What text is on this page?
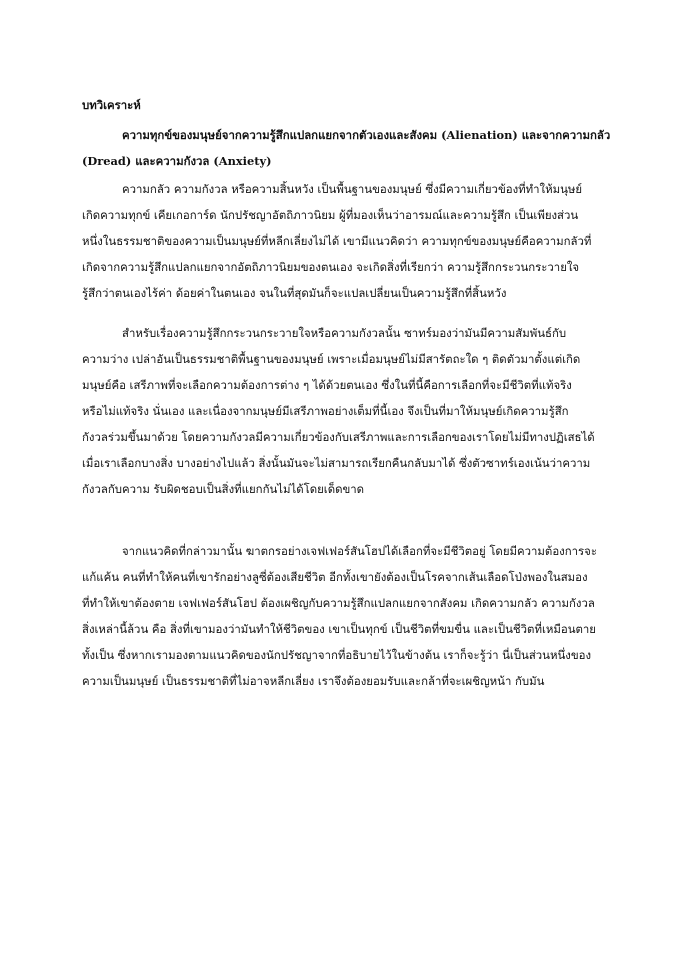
บทวิเคราะห์
ความทุกข์ของมนุษย์จากความรู้สึกแปลกแยกจากตัวเองและสังคม (Alienation) และจากความกลัว
(Dread) และความกังวล (Anxiety)
ความกลัว ความกังวล หรือความสิ้นหวัง เป็นพื้นฐานของมนุษย์ ซึ่งมีความเกี่ยวข้องที่ทำให้มนุษย์
เกิดความทุกข์ เคียเกอการ์ด นักปรัชญาอัตถิภาวนิยม ผู้ที่มองเห็นว่าอารมณ์และความรู้สึก เป็นเพียงส่วน
หนึ่งในธรรมชาติของความเป็นมนุษย์ที่หลีกเลี่ยงไม่ได้ เขามีแนวคิดว่า ความทุกข์ของมนุษย์คือความกลัวที่
เกิดจากความรู้สึกแปลกแยกจากอัตถิภาวนิยมของตนเอง จะเกิดสิ่งที่เรียกว่า ความรู้สึกกระวนกระวายใจ
รู้สึกว่าตนเองไร้ค่า ด้อยค่าในตนเอง จนในที่สุดมันก็จะแปลเปลี่ยนเป็นความรู้สึกที่สิ้นหวัง
สำหรับเรื่องความรู้สึกกระวนกระวายใจหรือความกังวลนั้น ซาทร์มองว่ามันมีความสัมพันธ์กับ
ความว่าง เปล่าอันเป็นธรรมชาติพื้นฐานของมนุษย์ เพราะเมื่อมนุษย์ไม่มีสารัตถะใด ๆ ติดตัวมาตั้งแต่เกิด
มนุษย์คือ เสรีภาพที่จะเลือกความต้องการต่าง ๆ ได้ด้วยตนเอง ซึ่งในที่นี้คือการเลือกที่จะมีชีวิตที่แท้จริง
หรือไม่แท้จริง นั่นเอง และเนื่องจากมนุษย์มีเสรีภาพอย่างเต็มที่นี้เอง จึงเป็นที่มาให้มนุษย์เกิดความรู้สึก
กังวลร่วมขึ้นมาด้วย โดยความกังวลมีความเกี่ยวข้องกับเสรีภาพและการเลือกของเราโดยไม่มีทางปฏิเสธได้
เมื่อเราเลือกบางสิ่ง บางอย่างไปแล้ว สิ่งนั้นมันจะไม่สามารถเรียกคืนกลับมาได้ ซึ่งตัวซาทร์เองเน้นว่าความ
กังวลกับความ รับผิดชอบเป็นสิ่งที่แยกกันไม่ได้โดยเด็ดขาด
จากแนวคิดที่กล่าวมานั้น ฆาตกรอย่างเจฟเฟอร์สันโฮปได้เลือกที่จะมีชีวิตอยู่ โดยมีความต้องการจะ
แก้แค้น คนที่ทำให้คนที่เขารักอย่างลูซี่ต้องเสียชีวิต อีกทั้งเขายังต้องเป็นโรคจากเส้นเลือดโป่งพองในสมอง
ที่ทำให้เขาต้องตาย เจฟเฟอร์สันโฮป ต้องเผชิญกับความรู้สึกแปลกแยกจากสังคม เกิดความกลัว ความกังวล
สิ่งเหล่านี้ล้วน คือ สิ่งที่เขามองว่ามันทำให้ชีวิตของ เขาเป็นทุกข์ เป็นชีวิตที่ขมขื่น และเป็นชีวิตที่เหมือนตาย
ทั้งเป็น ซึ่งหากเรามองตามแนวคิดของนักปรัชญาจากที่อธิบายไว้ในข้างต้น เราก็จะรู้ว่า นี่เป็นส่วนหนึ่งของ
ความเป็นมนุษย์ เป็นธรรมชาติที่ไม่อาจหลีกเลี่ยง เราจึงต้องยอมรับและกล้าที่จะเผชิญหน้า กับมัน
